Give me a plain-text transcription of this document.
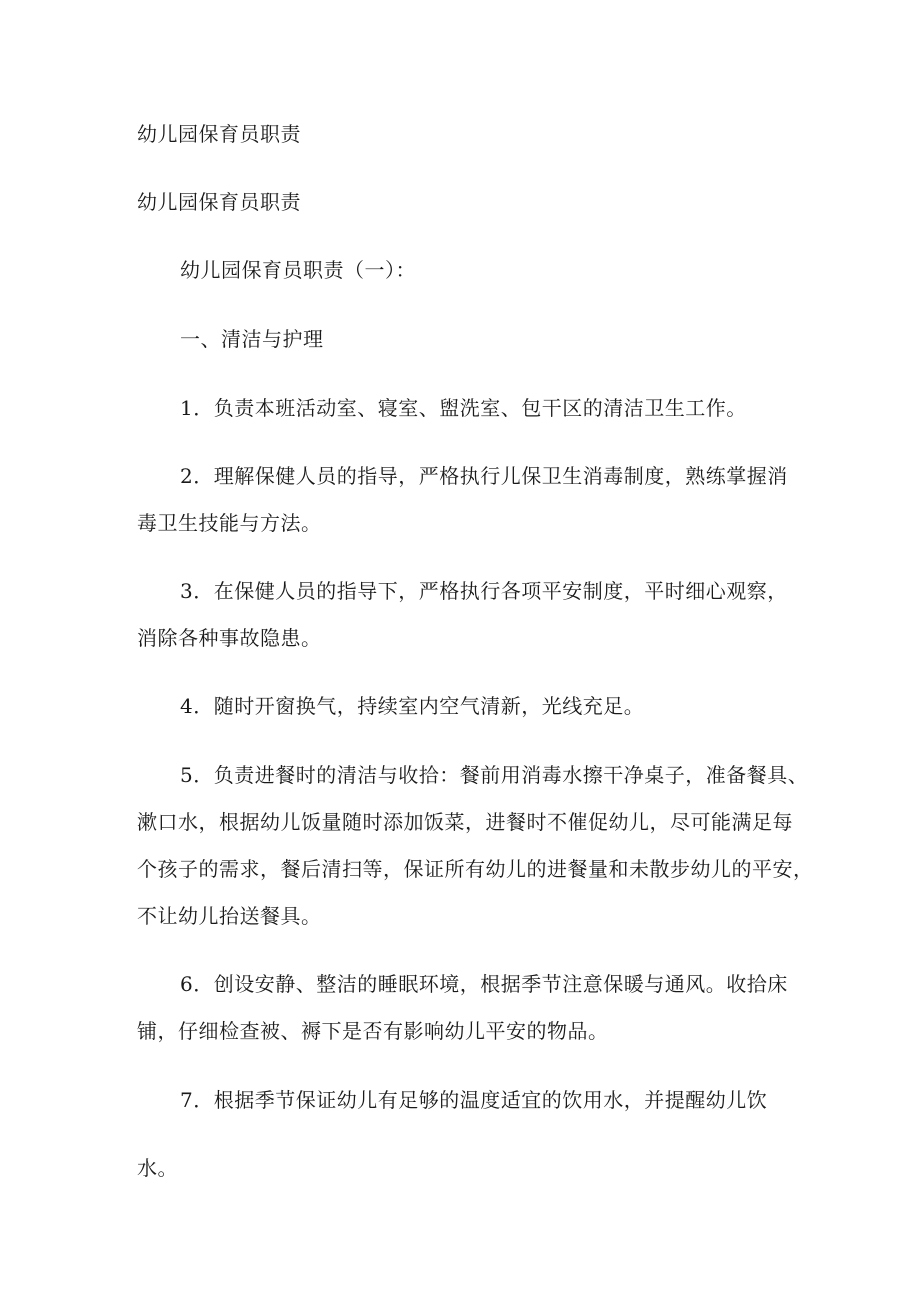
幼儿园保育员职责
幼儿园保育员职责
幼儿园保育员职责（一）：
一、清洁与护理
1．负责本班活动室、寝室、盥洗室、包干区的清洁卫生工作。
2．理解保健人员的指导，严格执行儿保卫生消毒制度，熟练掌握消
毒卫生技能与方法。
3．在保健人员的指导下，严格执行各项平安制度，平时细心观察，
消除各种事故隐患。
4．随时开窗换气，持续室内空气清新，光线充足。
5．负责进餐时的清洁与收拾：餐前用消毒水擦干净桌子，准备餐具、
漱口水，根据幼儿饭量随时添加饭菜，进餐时不催促幼儿，尽可能满足每
个孩子的需求，餐后清扫等，保证所有幼儿的进餐量和未散步幼儿的平安，
不让幼儿抬送餐具。
6．创设安静、整洁的睡眠环境，根据季节注意保暖与通风。收拾床
铺，仔细检查被、褥下是否有影响幼儿平安的物品。
7．根据季节保证幼儿有足够的温度适宜的饮用水，并提醒幼儿饮
水。
